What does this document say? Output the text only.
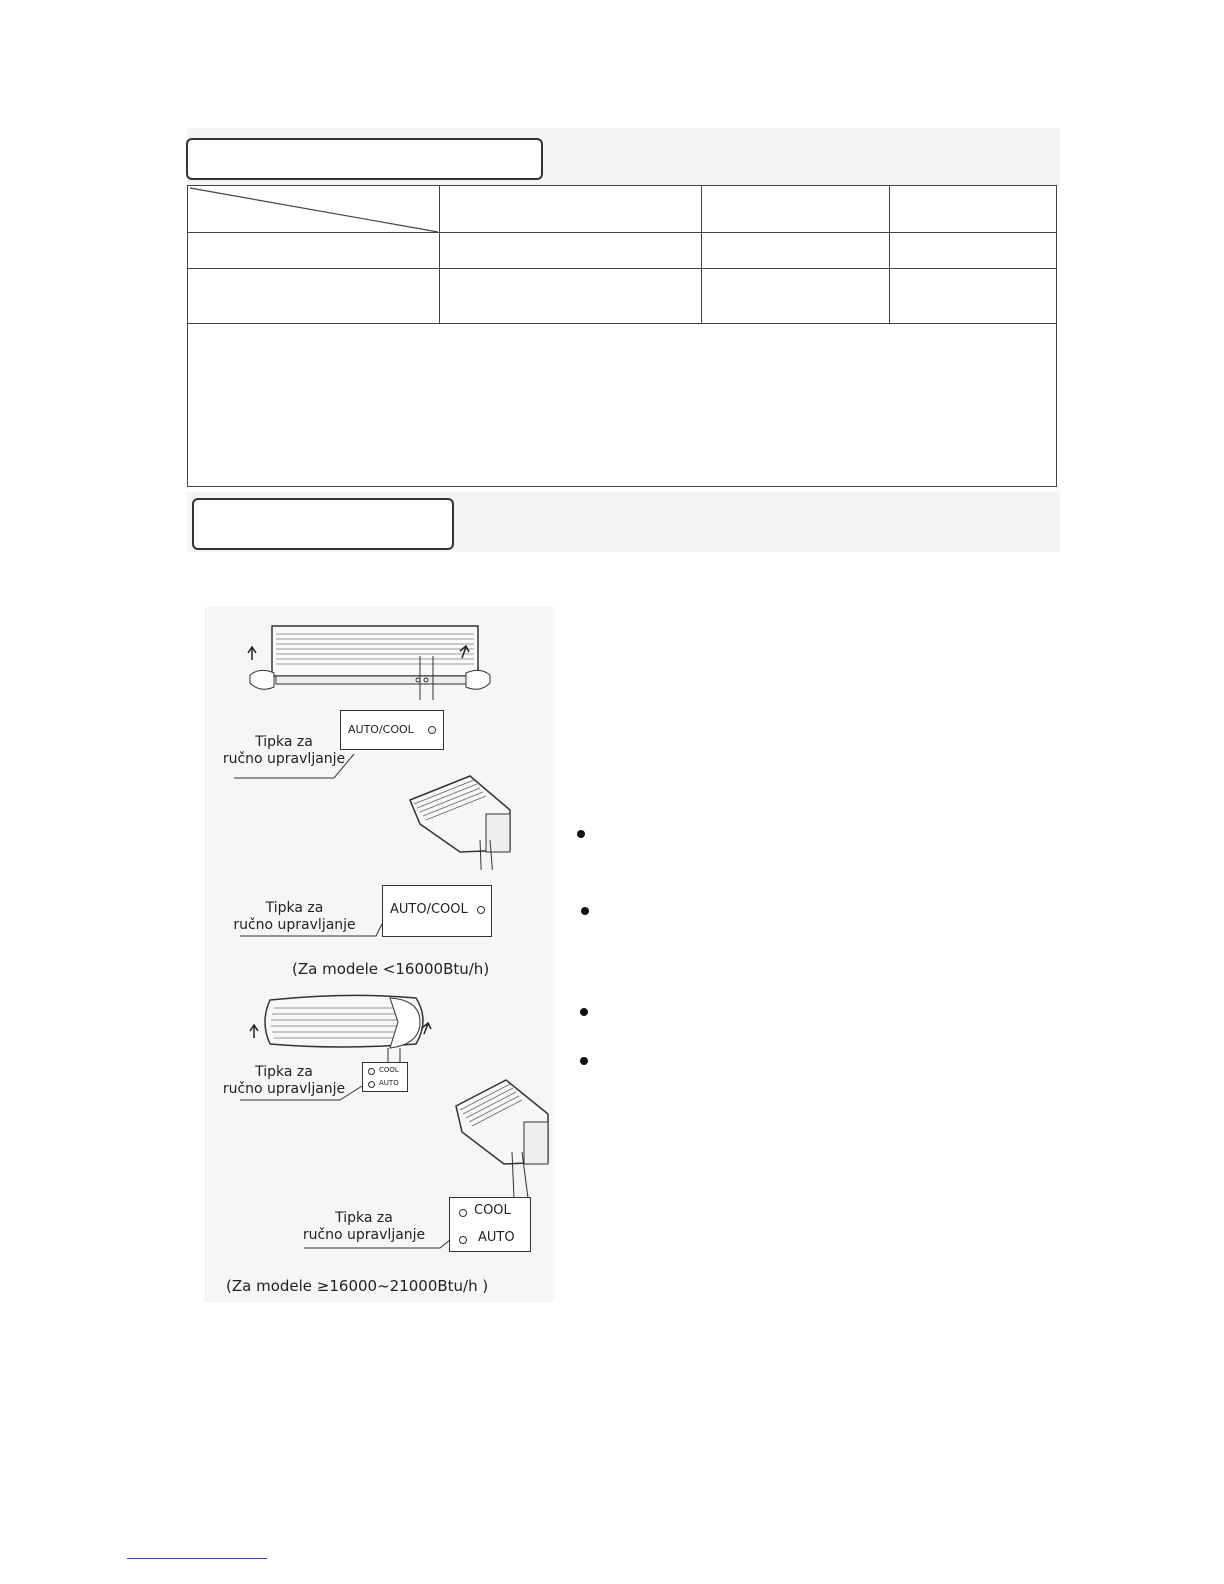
AUTO/COOL
Tipka za
ručno upravljanje
AUTO/COOL
Tipka za
ručno upravljanje
(Za modele <16000Btu/h)
COOL
AUTO
Tipka za
ručno upravljanje
COOL
AUTO
Tipka za
ručno upravljanje
(Za modele ≥16000~21000Btu/h )
